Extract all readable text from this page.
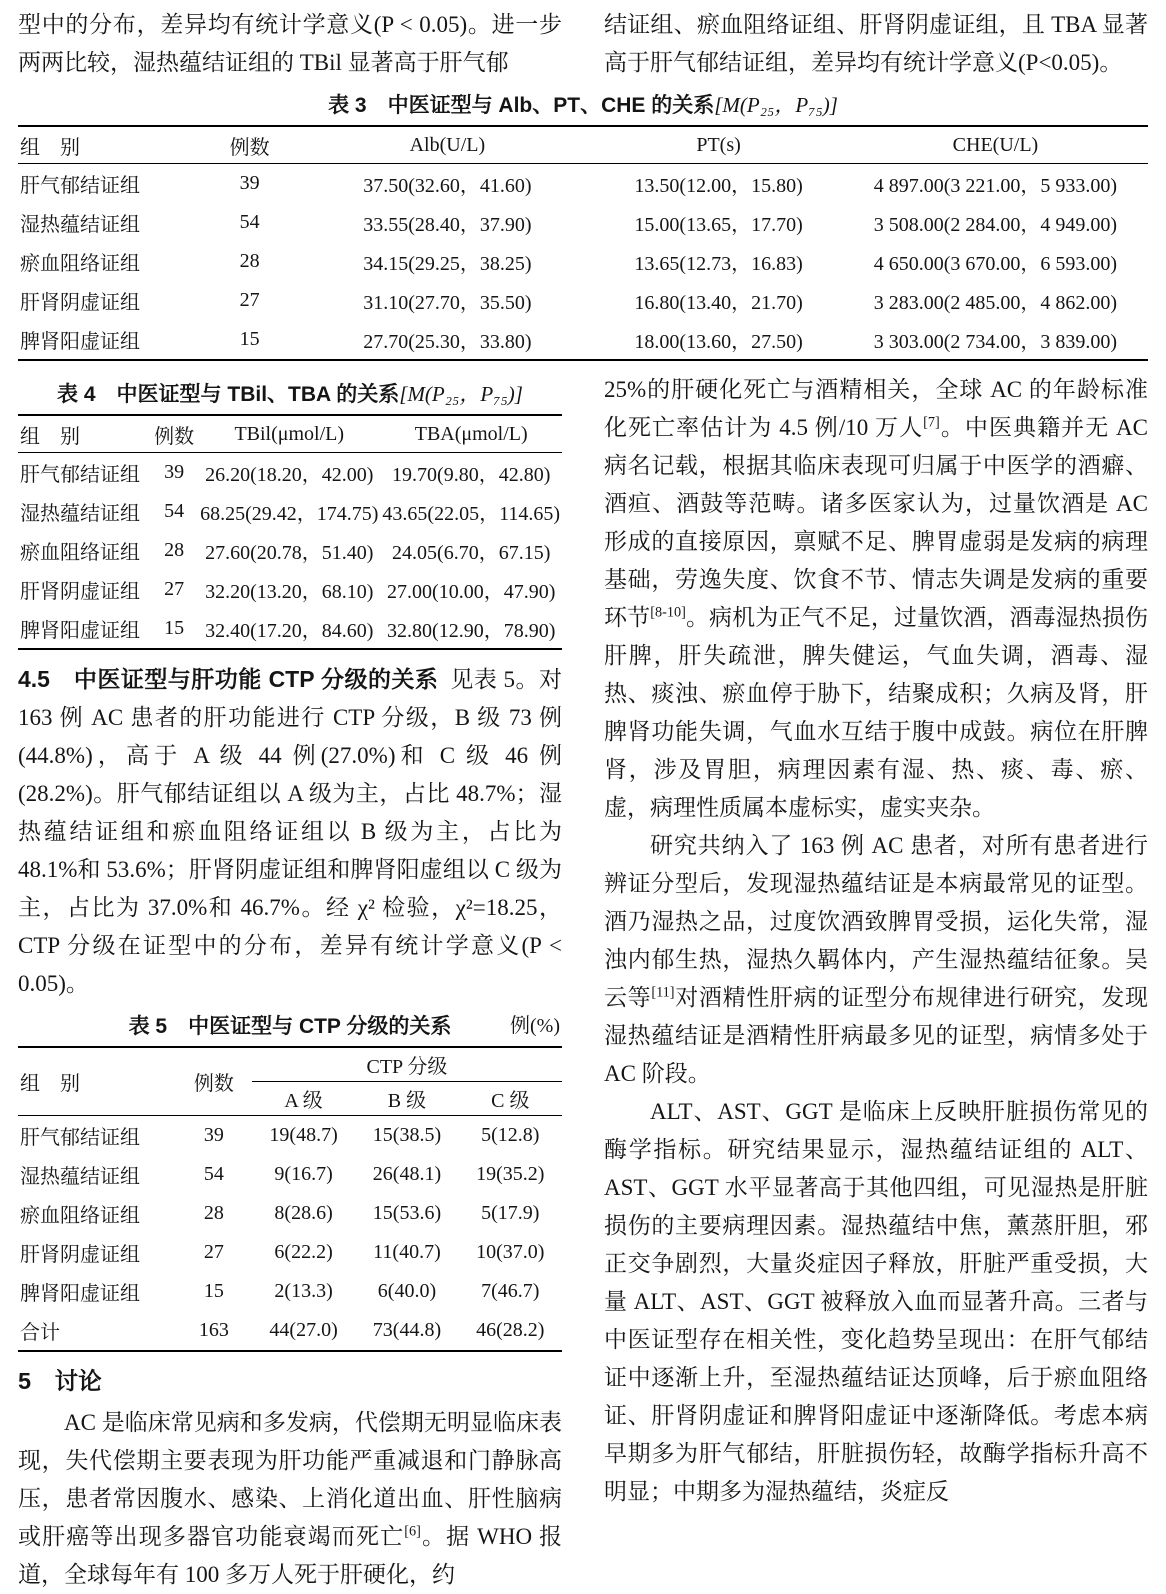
型中的分布，差异均有统计学意义(P < 0.05)。进一步两两比较，湿热蕴结证组的 TBil 显著高于肝气郁

结证组、瘀血阻络证组、肝肾阴虚证组，且 TBA 显著高于肝气郁结证组，差异均有统计学意义(P<0.05)。

表 3　中医证型与 Alb、PT、CHE 的关系[M(P₂₅，P₇₅)]
组　别	例数	Alb(U/L)	PT(s)	CHE(U/L)
肝气郁结证组	39	37.50(32.60，41.60)	13.50(12.00，15.80)	4 897.00(3 221.00，5 933.00)
湿热蕴结证组	54	33.55(28.40，37.90)	15.00(13.65，17.70)	3 508.00(2 284.00，4 949.00)
瘀血阻络证组	28	34.15(29.25，38.25)	13.65(12.73，16.83)	4 650.00(3 670.00，6 593.00)
肝肾阴虚证组	27	31.10(27.70，35.50)	16.80(13.40，21.70)	3 283.00(2 485.00，4 862.00)
脾肾阳虚证组	15	27.70(25.30，33.80)	18.00(13.60，27.50)	3 303.00(2 734.00，3 839.00)
表 4　中医证型与 TBil、TBA 的关系[M(P₂₅，P₇₅)]
组　别	例数	TBil(μmol/L)	TBA(μmol/L)
肝气郁结证组	39	26.20(18.20，42.00)	19.70(9.80，42.80)
湿热蕴结证组	54	68.25(29.42，174.75)	43.65(22.05，114.65)
瘀血阻络证组	28	27.60(20.78，51.40)	24.05(6.70，67.15)
肝肾阴虚证组	27	32.20(13.20，68.10)	27.00(10.00，47.90)
脾肾阳虚证组	15	32.40(17.20，84.60)	32.80(12.90，78.90)

4.5　中医证型与肝功能 CTP 分级的关系 见表 5。对 163 例 AC 患者的肝功能进行 CTP 分级，B 级 73 例(44.8%)，高于 A 级 44 例(27.0%)和 C 级 46 例(28.2%)。肝气郁结证组以 A 级为主，占比 48.7%；湿热蕴结证组和瘀血阻络证组以 B 级为主，占比为 48.1%和 53.6%；肝肾阴虚证组和脾肾阳虚组以 C 级为主，占比为 37.0%和 46.7%。经 χ² 检验，χ²=18.25，CTP 分级在证型中的分布，差异有统计学意义(P < 0.05)。

表 5　中医证型与 CTP 分级的关系	例(%)
组　别	例数	CTP 分级		
		A 级	B 级	C 级
肝气郁结证组	39	19(48.7)	15(38.5)	5(12.8)
湿热蕴结证组	54	9(16.7)	26(48.1)	19(35.2)
瘀血阻络证组	28	8(28.6)	15(53.6)	5(17.9)
肝肾阴虚证组	27	6(22.2)	11(40.7)	10(37.0)
脾肾阳虚证组	15	2(13.3)	6(40.0)	7(46.7)
合计	163	44(27.0)	73(44.8)	46(28.2)

5　讨论

AC 是临床常见病和多发病，代偿期无明显临床表现，失代偿期主要表现为肝功能严重减退和门静脉高压，患者常因腹水、感染、上消化道出血、肝性脑病或肝癌等出现多器官功能衰竭而死亡[6]。据 WHO 报道，全球每年有 100 多万人死于肝硬化，约

25%的肝硬化死亡与酒精相关，全球 AC 的年龄标准化死亡率估计为 4.5 例/10 万人[7]。中医典籍并无 AC 病名记载，根据其临床表现可归属于中医学的酒癖、酒疸、酒鼓等范畴。诸多医家认为，过量饮酒是 AC 形成的直接原因，禀赋不足、脾胃虚弱是发病的病理基础，劳逸失度、饮食不节、情志失调是发病的重要环节[8-10]。病机为正气不足，过量饮酒，酒毒湿热损伤肝脾，肝失疏泄，脾失健运，气血失调，酒毒、湿热、痰浊、瘀血停于胁下，结聚成积；久病及肾，肝脾肾功能失调，气血水互结于腹中成鼓。病位在肝脾肾，涉及胃胆，病理因素有湿、热、痰、毒、瘀、虚，病理性质属本虚标实，虚实夹杂。

研究共纳入了 163 例 AC 患者，对所有患者进行辨证分型后，发现湿热蕴结证是本病最常见的证型。酒乃湿热之品，过度饮酒致脾胃受损，运化失常，湿浊内郁生热，湿热久羁体内，产生湿热蕴结征象。吴云等[11]对酒精性肝病的证型分布规律进行研究，发现湿热蕴结证是酒精性肝病最多见的证型，病情多处于 AC 阶段。

ALT、AST、GGT 是临床上反映肝脏损伤常见的酶学指标。研究结果显示，湿热蕴结证组的 ALT、AST、GGT 水平显著高于其他四组，可见湿热是肝脏损伤的主要病理因素。湿热蕴结中焦，薰蒸肝胆，邪正交争剧烈，大量炎症因子释放，肝脏严重受损，大量 ALT、AST、GGT 被释放入血而显著升高。三者与中医证型存在相关性，变化趋势呈现出：在肝气郁结证中逐渐上升，至湿热蕴结证达顶峰，后于瘀血阻络证、肝肾阴虚证和脾肾阳虚证中逐渐降低。考虑本病早期多为肝气郁结，肝脏损伤轻，故酶学指标升高不明显；中期多为湿热蕴结，炎症反
